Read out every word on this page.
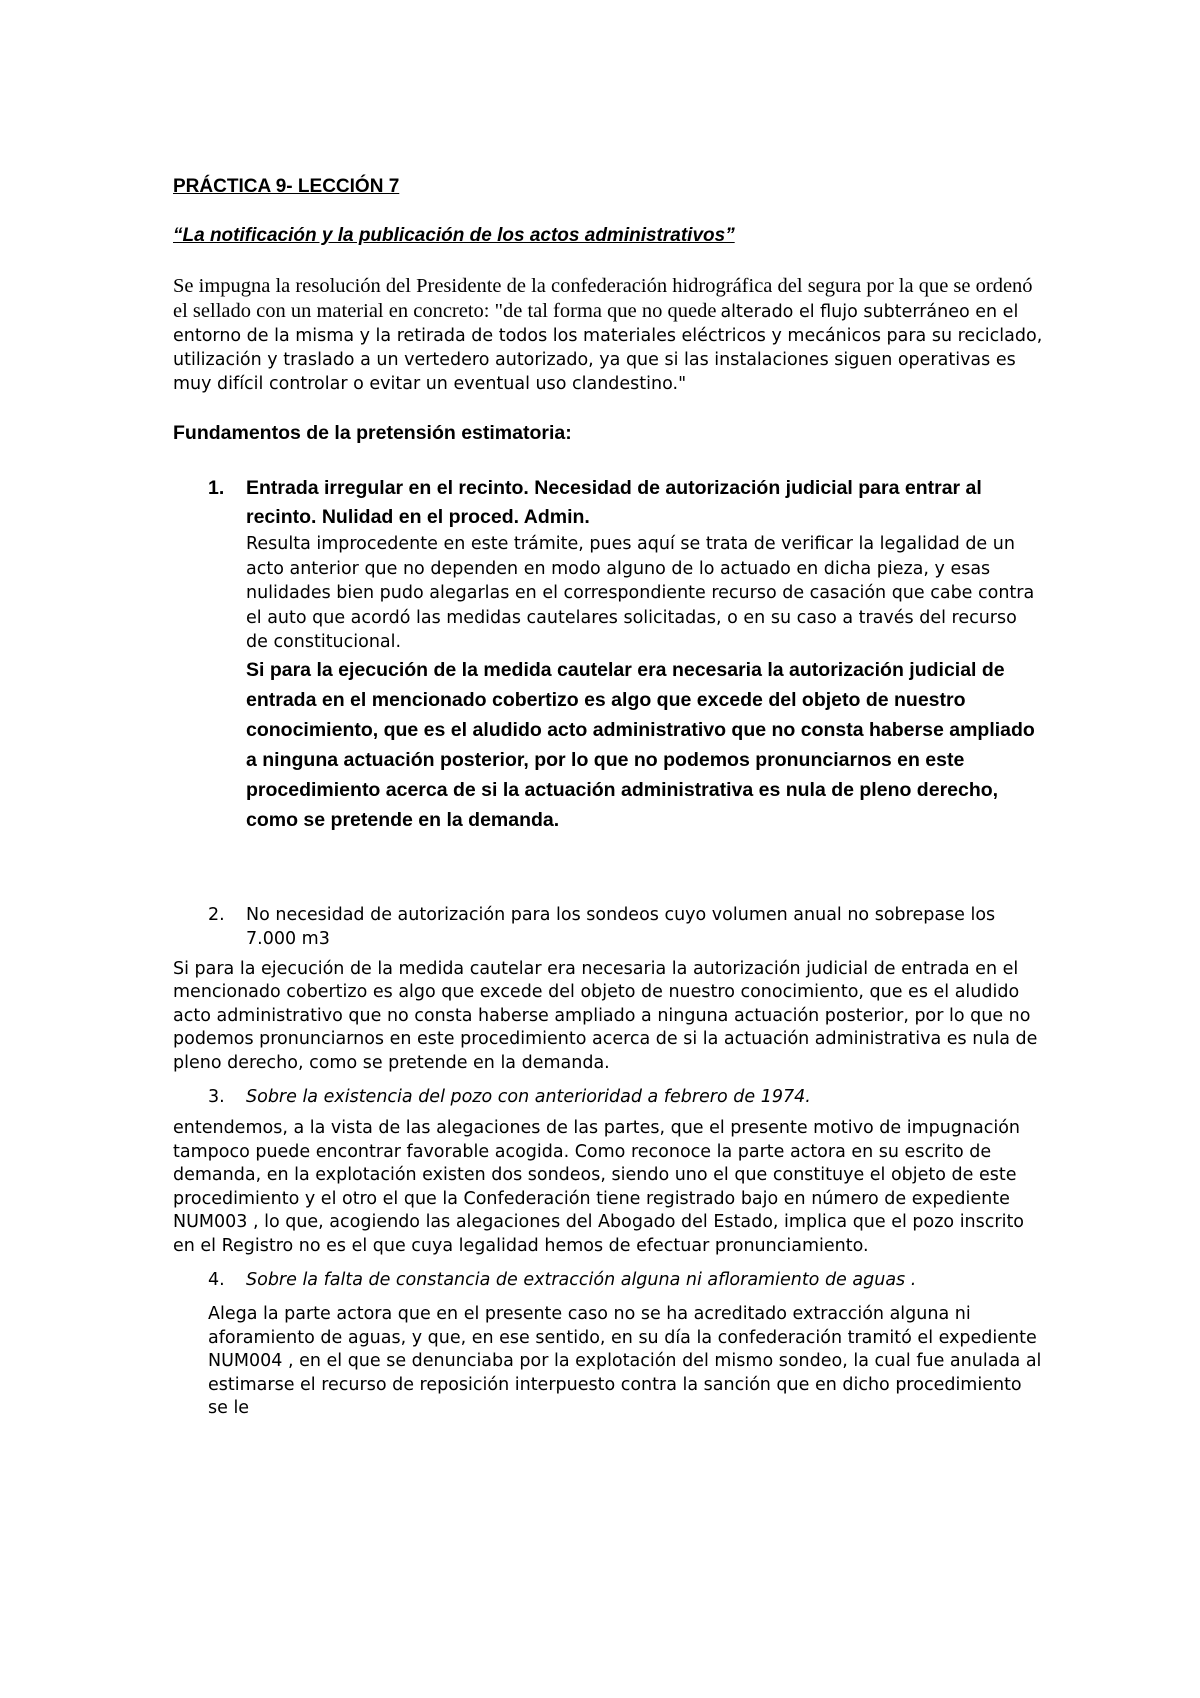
PRÁCTICA 9- LECCIÓN 7

“La notificación y la publicación de los actos administrativos”

Se impugna la resolución del Presidente de la confederación hidrográfica del segura por la que se ordenó el sellado con un material en concreto: "de tal forma que no quede alterado el flujo subterráneo en el entorno de la misma y la retirada de todos los materiales eléctricos y mecánicos para su reciclado, utilización y traslado a un vertedero autorizado, ya que si las instalaciones siguen operativas es muy difícil controlar o evitar un eventual uso clandestino."

Fundamentos de la pretensión estimatoria:

1. Entrada irregular en el recinto. Necesidad de autorización judicial para entrar al recinto. Nulidad en el proced. Admin.

Resulta improcedente en este trámite, pues aquí se trata de verificar la legalidad de un acto anterior que no dependen en modo alguno de lo actuado en dicha pieza, y esas nulidades bien pudo alegarlas en el correspondiente recurso de casación que cabe contra el auto que acordó las medidas cautelares solicitadas, o en su caso a través del recurso de constitucional.

Si para la ejecución de la medida cautelar era necesaria la autorización judicial de entrada en el mencionado cobertizo es algo que excede del objeto de nuestro conocimiento, que es el aludido acto administrativo que no consta haberse ampliado a ninguna actuación posterior, por lo que no podemos pronunciarnos en este procedimiento acerca de si la actuación administrativa es nula de pleno derecho, como se pretende en la demanda.

2. No necesidad de autorización para los sondeos cuyo volumen anual no sobrepase los 7.000 m3

Si para la ejecución de la medida cautelar era necesaria la autorización judicial de entrada en el mencionado cobertizo es algo que excede del objeto de nuestro conocimiento, que es el aludido acto administrativo que no consta haberse ampliado a ninguna actuación posterior, por lo que no podemos pronunciarnos en este procedimiento acerca de si la actuación administrativa es nula de pleno derecho, como se pretende en la demanda.

3. Sobre la existencia del pozo con anterioridad a febrero de 1974.

entendemos, a la vista de las alegaciones de las partes, que el presente motivo de impugnación tampoco puede encontrar favorable acogida. Como reconoce la parte actora en su escrito de demanda, en la explotación existen dos sondeos, siendo uno el que constituye el objeto de este procedimiento y el otro el que la Confederación tiene registrado bajo en número de expediente NUM003 , lo que, acogiendo las alegaciones del Abogado del Estado, implica que el pozo inscrito en el Registro no es el que cuya legalidad hemos de efectuar pronunciamiento.

4. Sobre la falta de constancia de extracción alguna ni afloramiento de aguas .

Alega la parte actora que en el presente caso no se ha acreditado extracción alguna ni aforamiento de aguas, y que, en ese sentido, en su día la confederación tramitó el expediente NUM004 , en el que se denunciaba por la explotación del mismo sondeo, la cual fue anulada al estimarse el recurso de reposición interpuesto contra la sanción que en dicho procedimiento se le
